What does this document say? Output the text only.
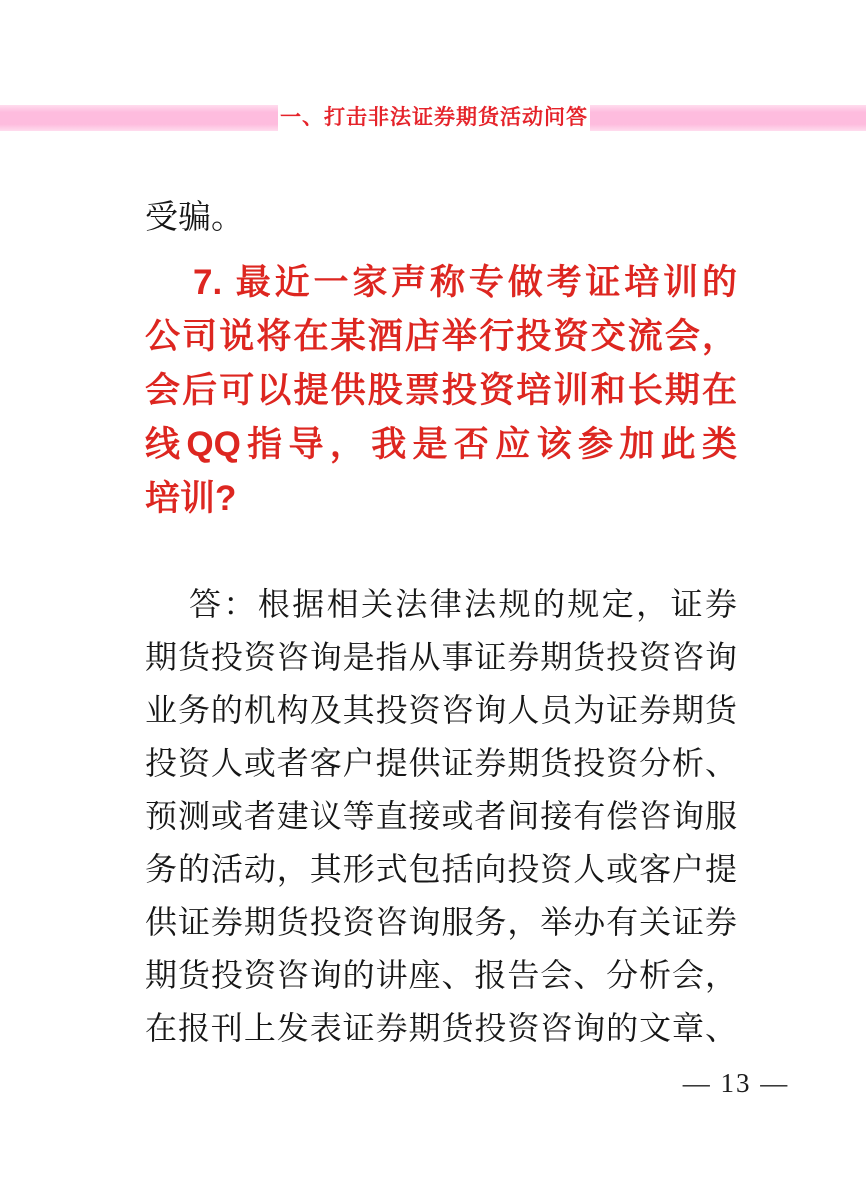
一、打击非法证券期货活动问答

受骗。

7. 最近一家声称专做考证培训的
公司说将在某酒店举行投资交流会，
会后可以提供股票投资培训和长期在
线QQ指导，我是否应该参加此类
培训?
答：根据相关法律法规的规定，证券
期货投资咨询是指从事证券期货投资咨询
业务的机构及其投资咨询人员为证券期货
投资人或者客户提供证券期货投资分析、
预测或者建议等直接或者间接有偿咨询服
务的活动，其形式包括向投资人或客户提
供证券期货投资咨询服务，举办有关证券
期货投资咨询的讲座、报告会、分析会，
在报刊上发表证券期货投资咨询的文章、
— 13 —
